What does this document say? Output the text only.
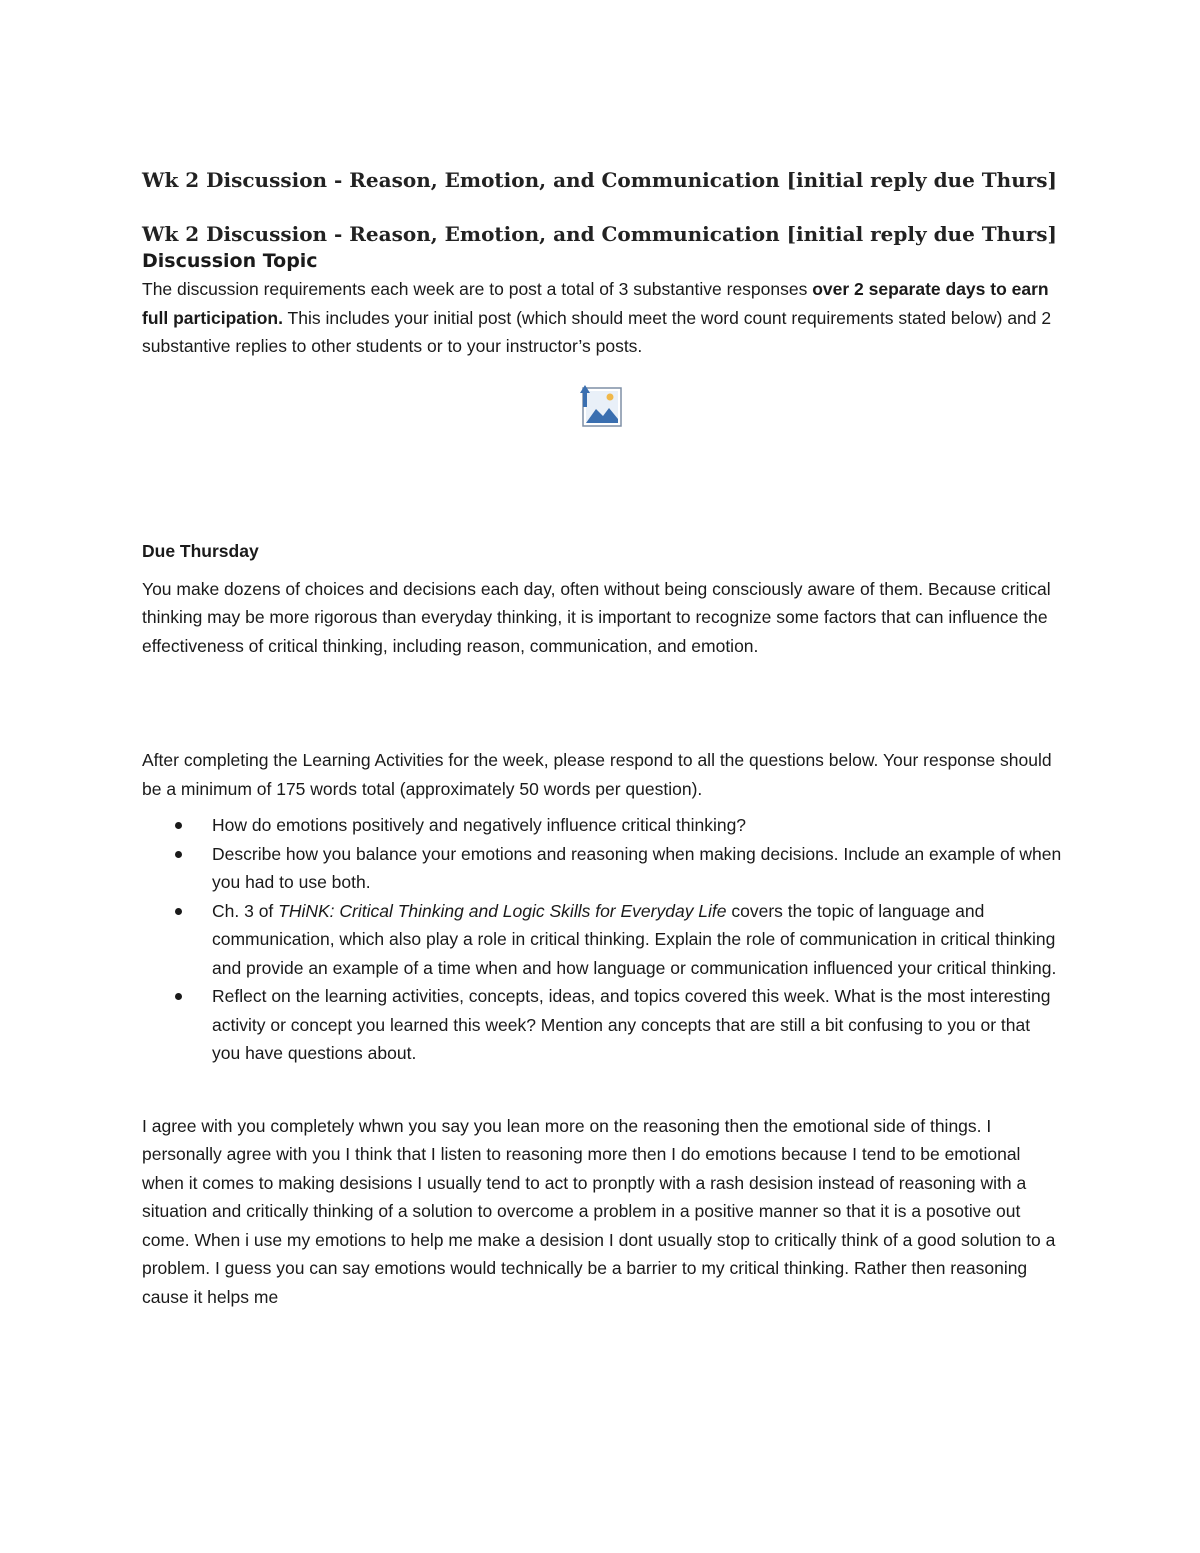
Wk 2 Discussion - Reason, Emotion, and Communication [initial reply due Thurs]
Wk 2 Discussion - Reason, Emotion, and Communication [initial reply due Thurs]
Discussion Topic

The discussion requirements each week are to post a total of 3 substantive responses over 2 separate days to earn full participation. This includes your initial post (which should meet the word count requirements stated below) and 2 substantive replies to other students or to your instructor’s posts.

Due Thursday

You make dozens of choices and decisions each day, often without being consciously aware of them. Because critical thinking may be more rigorous than everyday thinking, it is important to recognize some factors that can influence the effectiveness of critical thinking, including reason, communication, and emotion.

After completing the Learning Activities for the week, please respond to all the questions below. Your response should be a minimum of 175 words total (approximately 50 words per question).

How do emotions positively and negatively influence critical thinking?
Describe how you balance your emotions and reasoning when making decisions. Include an example of when you had to use both.
Ch. 3 of THiNK: Critical Thinking and Logic Skills for Everyday Life covers the topic of language and communication, which also play a role in critical thinking. Explain the role of communication in critical thinking and provide an example of a time when and how language or communication influenced your critical thinking.
Reflect on the learning activities, concepts, ideas, and topics covered this week. What is the most interesting activity or concept you learned this week? Mention any concepts that are still a bit confusing to you or that you have questions about.

I agree with you completely whwn you say you lean more on the reasoning then the emotional side of things. I personally agree with you I think that I listen to reasoning more then I do emotions because I tend to be emotional when it comes to making desisions I usually tend to act to pronptly with a rash desision instead of reasoning with a situation and critically thinking of a solution to overcome a problem in a positive manner so that it is a posotive out come. When i use my emotions to help me make a desision I dont usually stop to critically think of a good solution to a problem. I guess you can say emotions would technically be a barrier to my critical thinking. Rather then reasoning cause it helps me
